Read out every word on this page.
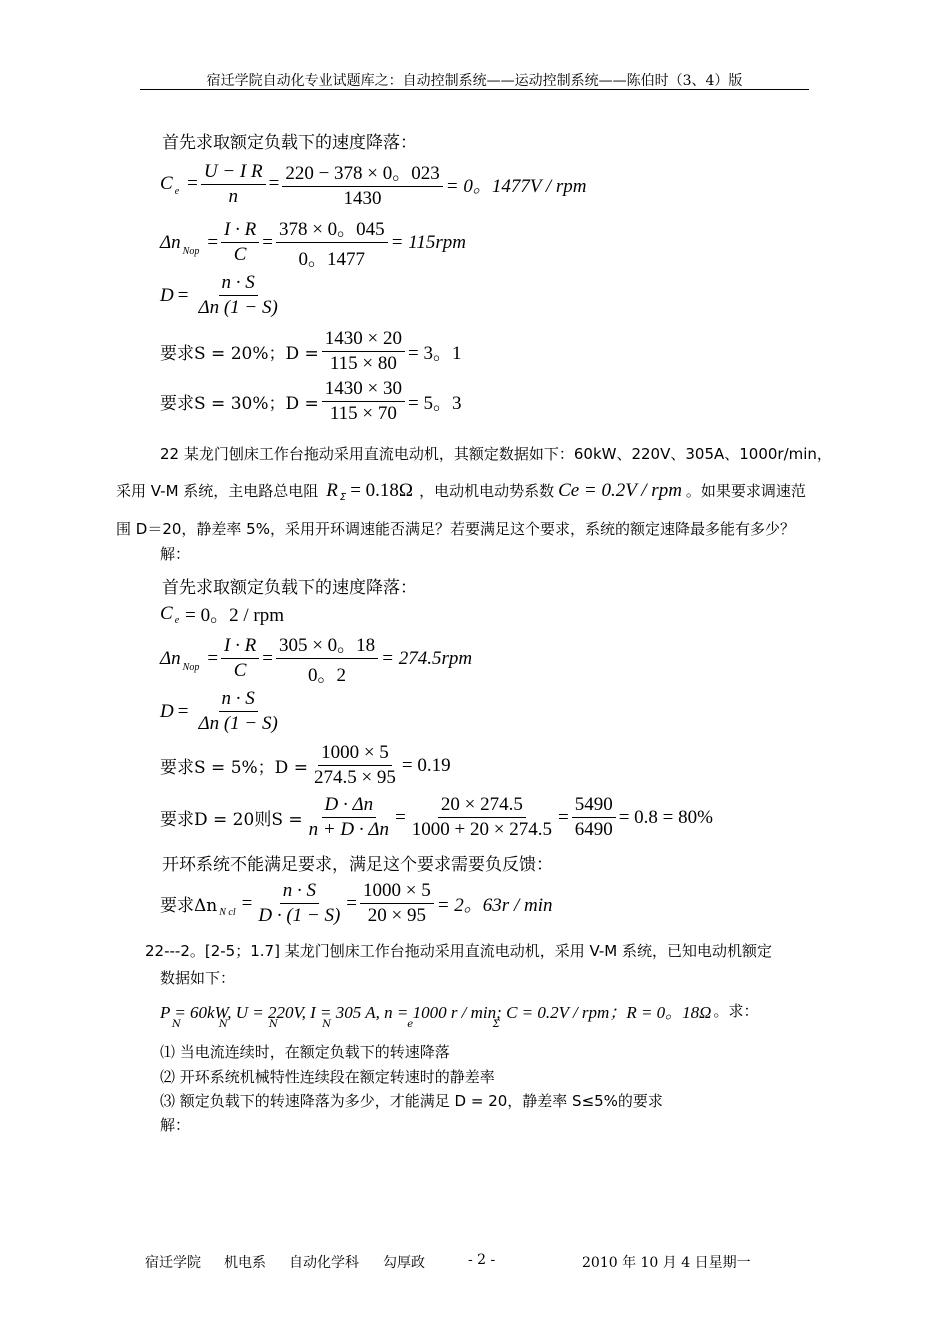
宿迁学院自动化专业试题库之：自动控制系统——运动控制系统——陈伯时（3、4）版
首先求取额定负载下的速度降落：
C $e = \frac{\text{U − I R}}{n} = \frac{220 - 378 \times 0。023}{1430} = 0$。1477V / rpm
Δn Nop = $\frac{I \cdot R}{C} = \frac{378 \times 0。045}{0。1477} = 115rpm$
$D = \frac{n \cdot S}{\Delta n (1 - S)}$
要求S = 20%；$D = \frac{1430 \times 20}{115 \times 80} = 3$。1
要求S = 30%；$D = \frac{1430 \times 30}{115 \times 70} = 5$。3
22 某龙门刨床工作台拖动采用直流电动机，其额定数据如下：60kW、220V、305A、1000r/min，
采用 V-M 系统，主电路总电阻 R Σ = 0.18Ω ，电动机电动势系数 Ce = 0.2V / rpm 。如果要求调速范
围 D＝20，静差率 5%，采用开环调速能否满足？若要满足这个要求，系统的额定速降最多能有多少？
解：
首先求取额定负载下的速度降落：
C e = 0。2 / rpm
Δn Nop = $\frac{I \cdot R}{C} = \frac{305 \times 0。18}{0。2} = 274.5rpm$
$D = \frac{n \cdot S}{\Delta n (1 - S)}$
要求S = 5%；$D = \frac{1000 \times 5}{274.5 \times 95} = 0.19$
要求D = 20则$S = \frac{D \cdot \Delta n}{n + D \cdot \Delta n} = \frac{20 \times 274.5}{1000 + 20 \times 274.5} = \frac{5490}{6490} = 0.8 = 80\%$
开环系统不能满足要求，满足这个要求需要负反馈：
要求Δn N cl = $\frac{n \cdot S}{D \cdot (1 - S)} = \frac{1000 \times 5}{20 \times 95} = 2$。63r / min
22---2。[2-5；1.7] 某龙门刨床工作台拖动采用直流电动机，采用 V-M 系统，已知电动机额定
数据如下：
P = 60kW, U = 220V, I = 305 A, n = 1000 r / min; C = 0.2V / rpm；R = 0。18Ω 。求：
N            N             N              N                        e                         Σ
⑴ 当电流连续时，在额定负载下的转速降落
⑵ 开环系统机械特性连续段在额定转速时的静差率
⑶ 额定负载下的转速降落为多少，才能满足 D = 20，静差率 S≤5%的要求
解：
宿迁学院 机电系 自动化学科 勾厚政	- 2 -	2010 年 10 月 4 日星期一
